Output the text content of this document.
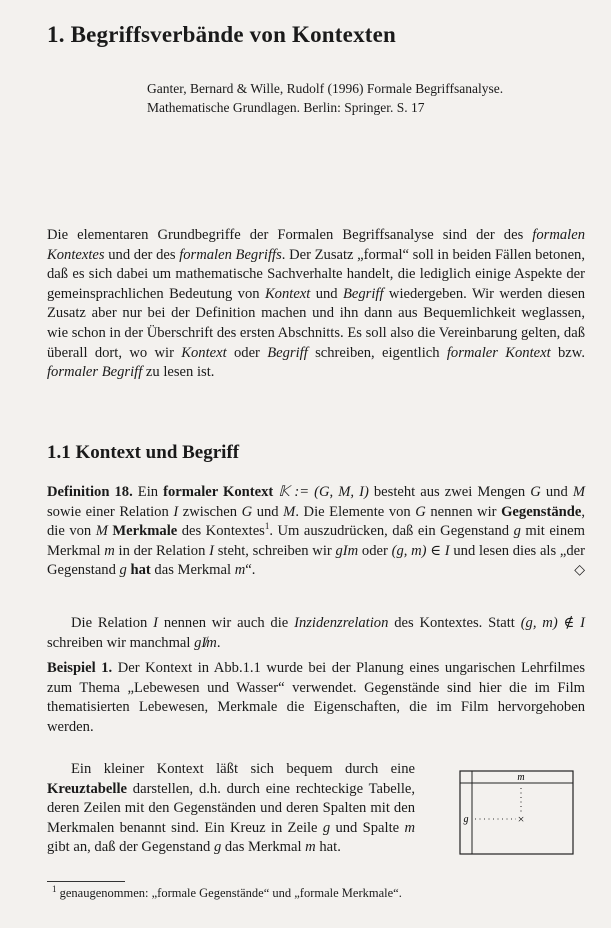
1. Begriffsverbände von Kontexten
Ganter, Bernard & Wille, Rudolf (1996) Formale Begriffsanalyse.
Mathematische Grundlagen. Berlin: Springer. S. 17

Die elementaren Grundbegriffe der Formalen Begriffsanalyse sind der des formalen Kontextes und der des formalen Begriffs. Der Zusatz „formal“ soll in beiden Fällen betonen, daß es sich dabei um mathematische Sachverhalte handelt, die lediglich einige Aspekte der gemeinsprachlichen Bedeutung von Kontext und Begriff wiedergeben. Wir werden diesen Zusatz aber nur bei der Definition machen und ihn dann aus Bequemlichkeit weglassen, wie schon in der Überschrift des ersten Abschnitts. Es soll also die Vereinbarung gelten, daß überall dort, wo wir Kontext oder Begriff schreiben, eigentlich formaler Kontext bzw. formaler Begriff zu lesen ist.

1.1 Kontext und Begriff

Definition 18. Ein formaler Kontext 𝕂 := (G, M, I) besteht aus zwei Mengen G und M sowie einer Relation I zwischen G und M. Die Elemente von G nennen wir Gegenstände, die von M Merkmale des Kontextes$^1$. Um auszudrücken, daß ein Gegenstand g mit einem Merkmal m in der Relation I steht, schreiben wir gIm oder (g, m) ∈ I und lesen dies als „der Gegenstand g hat das Merkmal m“.	◇

Die Relation I nennen wir auch die Inzidenzrelation des Kontextes. Statt (g, m) ∉ I schreiben wir manchmal gI̸m.

Beispiel 1. Der Kontext in Abb.1.1 wurde bei der Planung eines ungarischen Lehrfilmes zum Thema „Lebewesen und Wasser“ verwendet. Gegenstände sind hier die im Film thematisierten Lebewesen, Merkmale die Eigenschaften, die im Film hervorgehoben werden.

Ein kleiner Kontext läßt sich bequem durch eine Kreuztabelle darstellen, d.h. durch eine rechteckige Tabelle, deren Zeilen mit den Gegenständen und deren Spalten mit den Merkmalen benannt sind. Ein Kreuz in Zeile g und Spalte m gibt an, daß der Gegenstand g das Merkmal m hat.

m
g	×
$^1$ genaugenommen: „formale Gegenstände“ und „formale Merkmale“.
